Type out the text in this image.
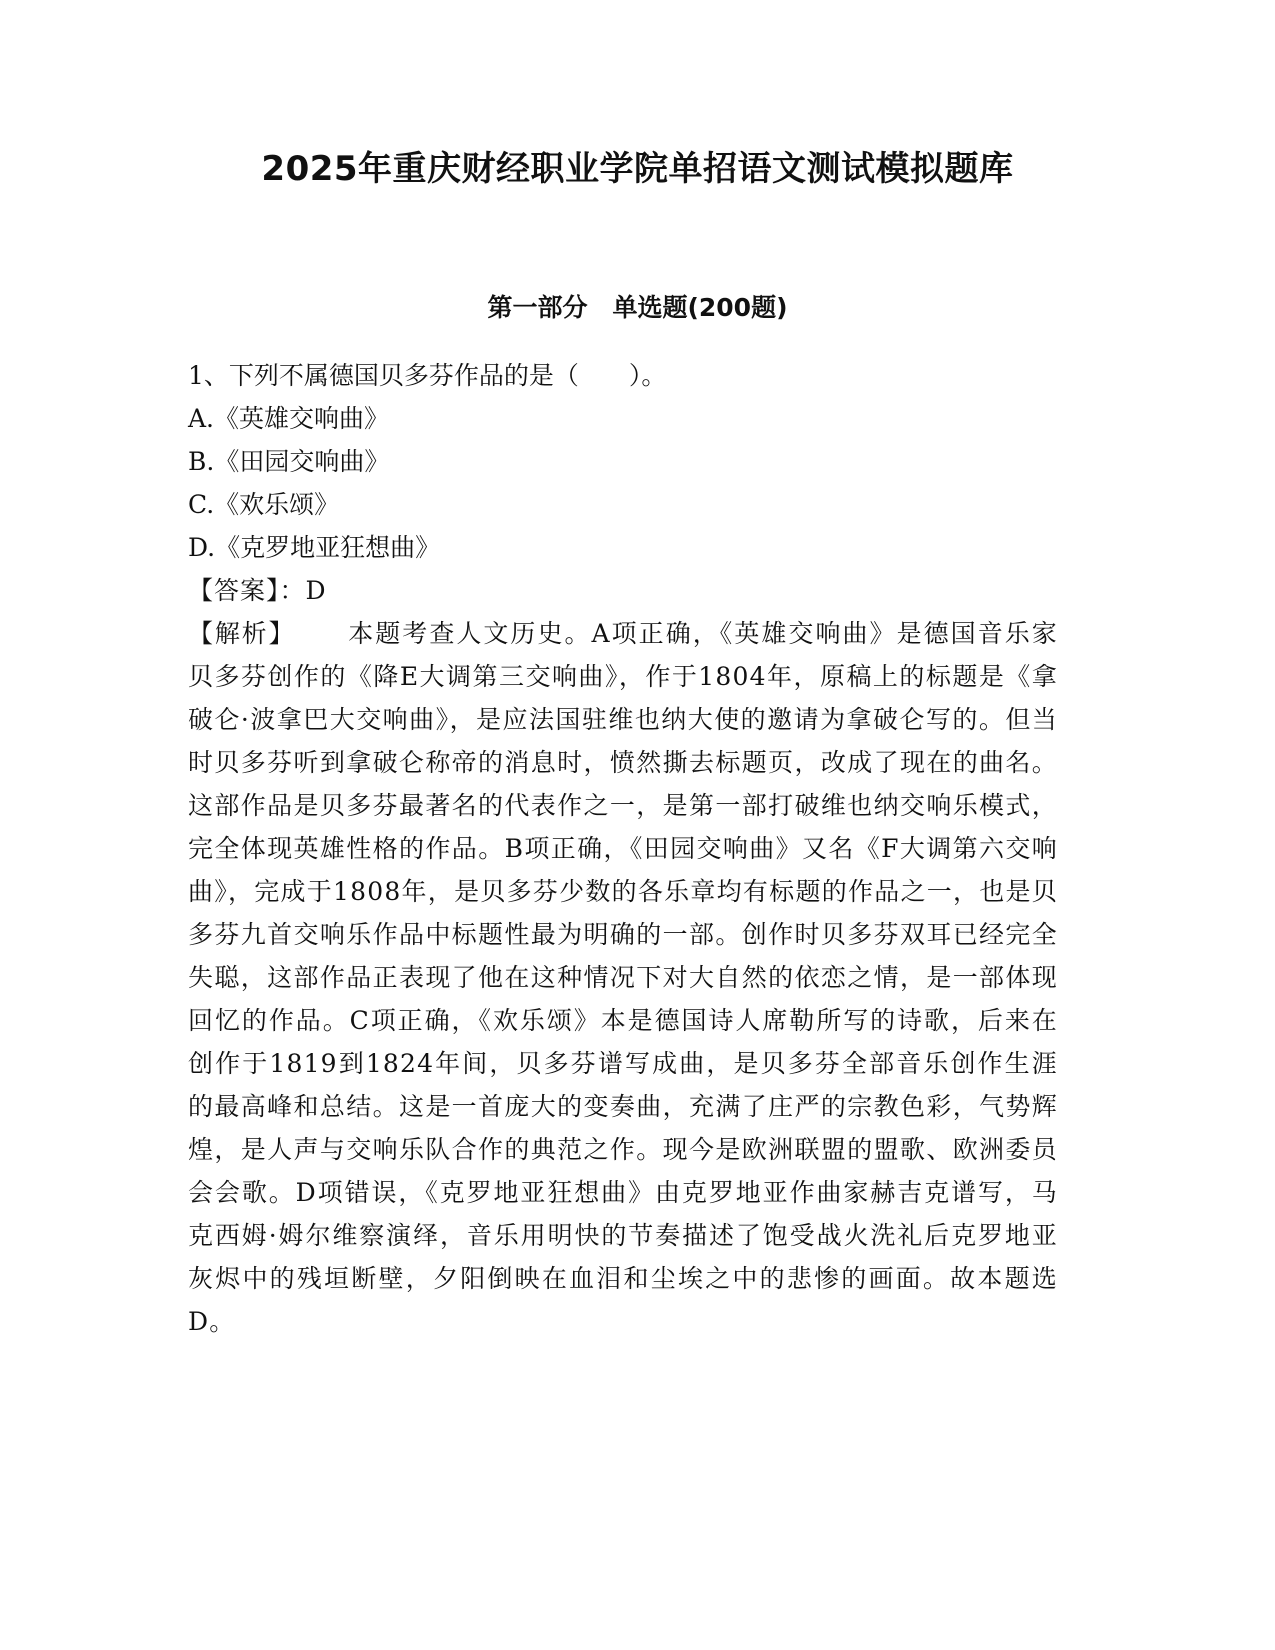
2025年重庆财经职业学院单招语文测试模拟题库
第一部分　单选题(200题)
1、下列不属德国贝多芬作品的是（　　）。
A.《英雄交响曲》
B.《田园交响曲》
C.《欢乐颂》
D.《克罗地亚狂想曲》
【答案】：D
【解析】 本题考查人文历史。A项正确，《英雄交响曲》是德国音乐家贝多芬创作的《降E大调第三交响曲》，作于1804年，原稿上的标题是《拿破仑·波拿巴大交响曲》，是应法国驻维也纳大使的邀请为拿破仑写的。但当时贝多芬听到拿破仑称帝的消息时，愤然撕去标题页，改成了现在的曲名。这部作品是贝多芬最著名的代表作之一，是第一部打破维也纳交响乐模式，完全体现英雄性格的作品。B项正确，《田园交响曲》又名《F大调第六交响曲》，完成于1808年，是贝多芬少数的各乐章均有标题的作品之一，也是贝多芬九首交响乐作品中标题性最为明确的一部。创作时贝多芬双耳已经完全失聪，这部作品正表现了他在这种情况下对大自然的依恋之情，是一部体现回忆的作品。C项正确，《欢乐颂》本是德国诗人席勒所写的诗歌，后来在创作于1819到1824年间，贝多芬谱写成曲，是贝多芬全部音乐创作生涯的最高峰和总结。这是一首庞大的变奏曲，充满了庄严的宗教色彩，气势辉煌，是人声与交响乐队合作的典范之作。现今是欧洲联盟的盟歌、欧洲委员会会歌。D项错误，《克罗地亚狂想曲》由克罗地亚作曲家赫吉克谱写，马克西姆·姆尔维察演绎，音乐用明快的节奏描述了饱受战火洗礼后克罗地亚灰烬中的残垣断壁，夕阳倒映在血泪和尘埃之中的悲惨的画面。故本题选D。
